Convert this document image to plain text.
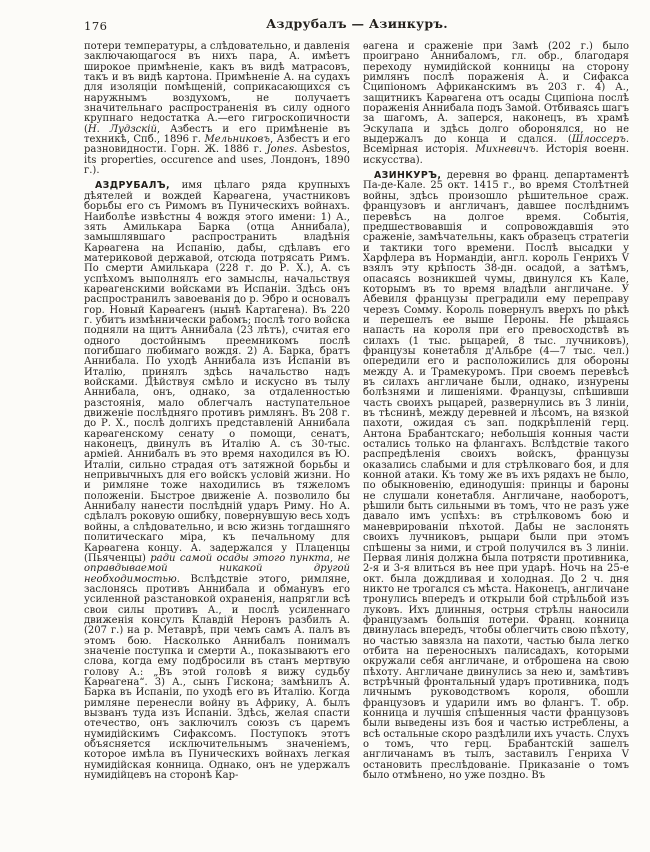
176	Аздрубалъ — Азинкуръ.

потери температуры, а слѣдовательно, и давленія заключающагося въ нихъ пара, А. имѣетъ широкое примѣненіе, какъ въ видѣ матрасовъ, такъ и въ видѣ картона. Примѣненіе А. на судахъ для изоляціи помѣщеній, соприкасающихся съ наружнымъ воздухомъ, не получаетъ значительнаго распространенія въ силу одного крупнаго недостатка А.—его гигроскопичности (Н. Лудзскій, Азбестъ и его примѣненіе въ техникѣ, Спб., 1896 г. Мельниковъ, Азбестъ и его разновидности. Горн. Ж. 1886 г. Jones. Asbestos, its properties, occurence and uses, Лондонъ, 1890 г.).

АЗДРУБАЛЪ, имя цѣлаго ряда крупныхъ дѣятелей и вождей Карѳагена, участниковъ борьбы его съ Римомъ въ Пуническихъ войнахъ. Наиболѣе извѣстны 4 вождя этого имени: 1) А., зять Амилькара Барка (отца Аннибала), замышлявшаго распространить владѣнія Карѳагена на Испанію, дабы, сдѣлавъ его материковой державой, отсюда потрясать Римъ. По смерти Амилькара (228 г. до Р. Х.), А. съ успѣхомъ выполнялъ его замыслы, начальствуя карѳагенскими войсками въ Испаніи. Здѣсь онъ распространилъ завоеванія до р. Эбро и основалъ гор. Новый Карѳагенъ (нынѣ Картагена). Въ 220 г. убитъ измѣннически рабомъ; послѣ того войска подняли на щитъ Аннибала (23 лѣтъ), считая его одного достойнымъ преемникомъ послѣ погибшаго любимаго вождя. 2) А. Барка, братъ Аннибала. По уходѣ Аннибала изъ Испаніи въ Италію, принялъ здѣсь начальство надъ войсками. Дѣйствуя смѣло и искусно въ тылу Аннибала, онъ, однако, за отдаленностью разстоянія, мало облегчалъ наступательное движеніе послѣдняго противъ римлянъ. Въ 208 г. до Р. Х., послѣ долгихъ представленій Аннибала карѳагенскому сенату о помощи, сенатъ, наконецъ, двинулъ въ Италію А. съ 30-тыс. арміей. Аннибалъ въ это время находился въ Ю. Италіи, сильно страдая отъ затяжной борьбы и непривычныхъ для его войскъ условій жизни. Но и римляне тоже находились въ тяжеломъ положеніи. Быстрое движеніе А. позволило бы Аннибалу нанести послѣдній ударъ Риму. Но А. сдѣлалъ роковую ошибку, повернувшую весь ходъ войны, а слѣдовательно, и всю жизнь тогдашняго политическаго міра, къ печальному для Карѳагена концу. А. задержался у Плаценцы (Пьяченцы) ради самой осады этого пункта, не оправдываемой никакой другой необходимостью. Вслѣдствіе этого, римляне, заслонясь противъ Аннибала и обманувъ его усиленной разстановкой охраненія, напрягли всѣ свои силы противъ А., и послѣ усиленнаго движенія консулъ Клавдій Неронъ разбилъ А. (207 г.) на р. Метаврѣ, при чемъ самъ А. палъ въ этомъ бою. Насколько Аннибалъ понималъ значеніе поступка и смерти А., показываютъ его слова, когда ему подбросили въ станъ мертвую голову А.: „Въ этой головѣ я вижу судьбу Карѳагена“. 3) А., сынъ Гискона; замѣнилъ А. Барка въ Испаніи, по уходѣ его въ Италію. Когда римляне перенесли войну въ Африку, А. былъ вызванъ туда изъ Испаніи. Здѣсь, желая спасти отечество, онъ заключилъ союзъ съ царемъ нумидійскимъ Сифаксомъ. Поступокъ этотъ объясняется исключительнымъ значеніемъ, которое имѣла въ Пуническихъ войнахъ легкая нумидійская конница. Однако, онъ не удержалъ нумидійцевъ на сторонѣ Кар-

ѳагена и сраженіе при Замѣ (202 г.) было проиграно Аннибаломъ, гл. обр., благодаря переходу нумидійской конницы на сторону римлянъ послѣ пораженія А. и Сифакса Сципіономъ Африканскимъ въ 203 г. 4) А., защитникъ Карѳагена отъ осады Сципіона послѣ пораженія Аннибала подъ Замой. Отбиваясь шагъ за шагомъ, А. заперся, наконецъ, въ храмѣ Эскулапа и здѣсь долго оборонялся, но не выдержалъ до конца и сдался. (Шлоссеръ. Всемірная исторія. Михневичъ. Исторія военн. искусства).

АЗИНКУРЪ, деревня во франц. департаментѣ Па-де-Кале. 25 окт. 1415 г., во время Столѣтней войны, здѣсь произошло рѣшительное сраж. французовъ и англичанъ, давшее послѣднимъ перевѣсъ на долгое время. Событія, предшествовавшія и сопровождавшія это сраженіе, замѣчательны, какъ образецъ стратегіи и тактики того времени. Послѣ высадки у Харфлера въ Нормандіи, англ. король Генрихъ V взялъ эту крѣпость 38-дн. осадой, а затѣмъ, опасаясь возникшей чумы, двинулся къ Кале, которымъ въ то время владѣли англичане. У Абевиля французы преградили ему переправу черезъ Сомму. Король повернулъ вверхъ по рѣкѣ и перешелъ ее выше Пероны. Не рѣшаясь напасть на короля при его превосходствѣ въ силахъ (1 тыс. рыцарей, 8 тыс. лучниковъ), французы конетабля д'Альбре (4—7 тыс. чел.) опередили его и расположились для обороны между А. и Трамекуромъ. При своемъ перевѣсѣ въ силахъ англичане были, однако, изнурены болѣзнями и лишеніями. Французы, спѣшивши часть своихъ рыцарей, развернулись въ 3 линіи, въ тѣснинѣ, между деревней и лѣсомъ, на вязкой пахоти, ожидая съ зап. подкрѣпленій герц. Антона Брабантскаго; небольшія конныя части остались только на флангахъ. Вслѣдствіе такого распредѣленія своихъ войскъ, французы оказались слабыми и для стрѣлковаго боя, и для конной атаки. Къ тому же въ ихъ рядахъ не было, по обыкновенію, единодушія: принцы и бароны не слушали конетабля. Англичане, наоборотъ, рѣшили быть сильными въ томъ, что не разъ уже давало имъ успѣхъ: въ стрѣлковомъ бою и маневрированіи пѣхотой. Дабы не заслонять своихъ лучниковъ, рыцари были при этомъ спѣшены за ними, и строй получился въ 3 линіи. Первая линія должна была потрясти противника, 2-я и 3-я влиться въ нее при ударѣ. Ночь на 25-е окт. была дождливая и холодная. До 2 ч. дня никто не трогался съ мѣста. Наконецъ, англичане тронулись впередъ и открыли бой стрѣльбой изъ луковъ. Ихъ длинныя, острыя стрѣлы наносили французамъ большія потери. Франц. конница двинулась впередъ, чтобы облегчить свою пѣхоту, но частью завязла на пахоти, частью была легко отбита на переносныхъ палисадахъ, которыми окружали себя англичане, и отброшена на свою пѣхоту. Англичане двинулись за нею и, замѣтивъ встрѣчный фронтальный ударъ противника, подъ личнымъ руководствомъ короля, обошли французовъ и ударили имъ во флангъ. Т. обр. конница и лучшія спѣшенныя части французовъ были выведены изъ боя и частью истреблены, а всѣ остальные скоро раздѣлили ихъ участь. Слухъ о томъ, что герц. Брабантскій зашелъ англичанамъ въ тылъ, заставилъ Генриха V остановить преслѣдованіе. Приказаніе о томъ было отмѣнено, но уже поздно. Въ
